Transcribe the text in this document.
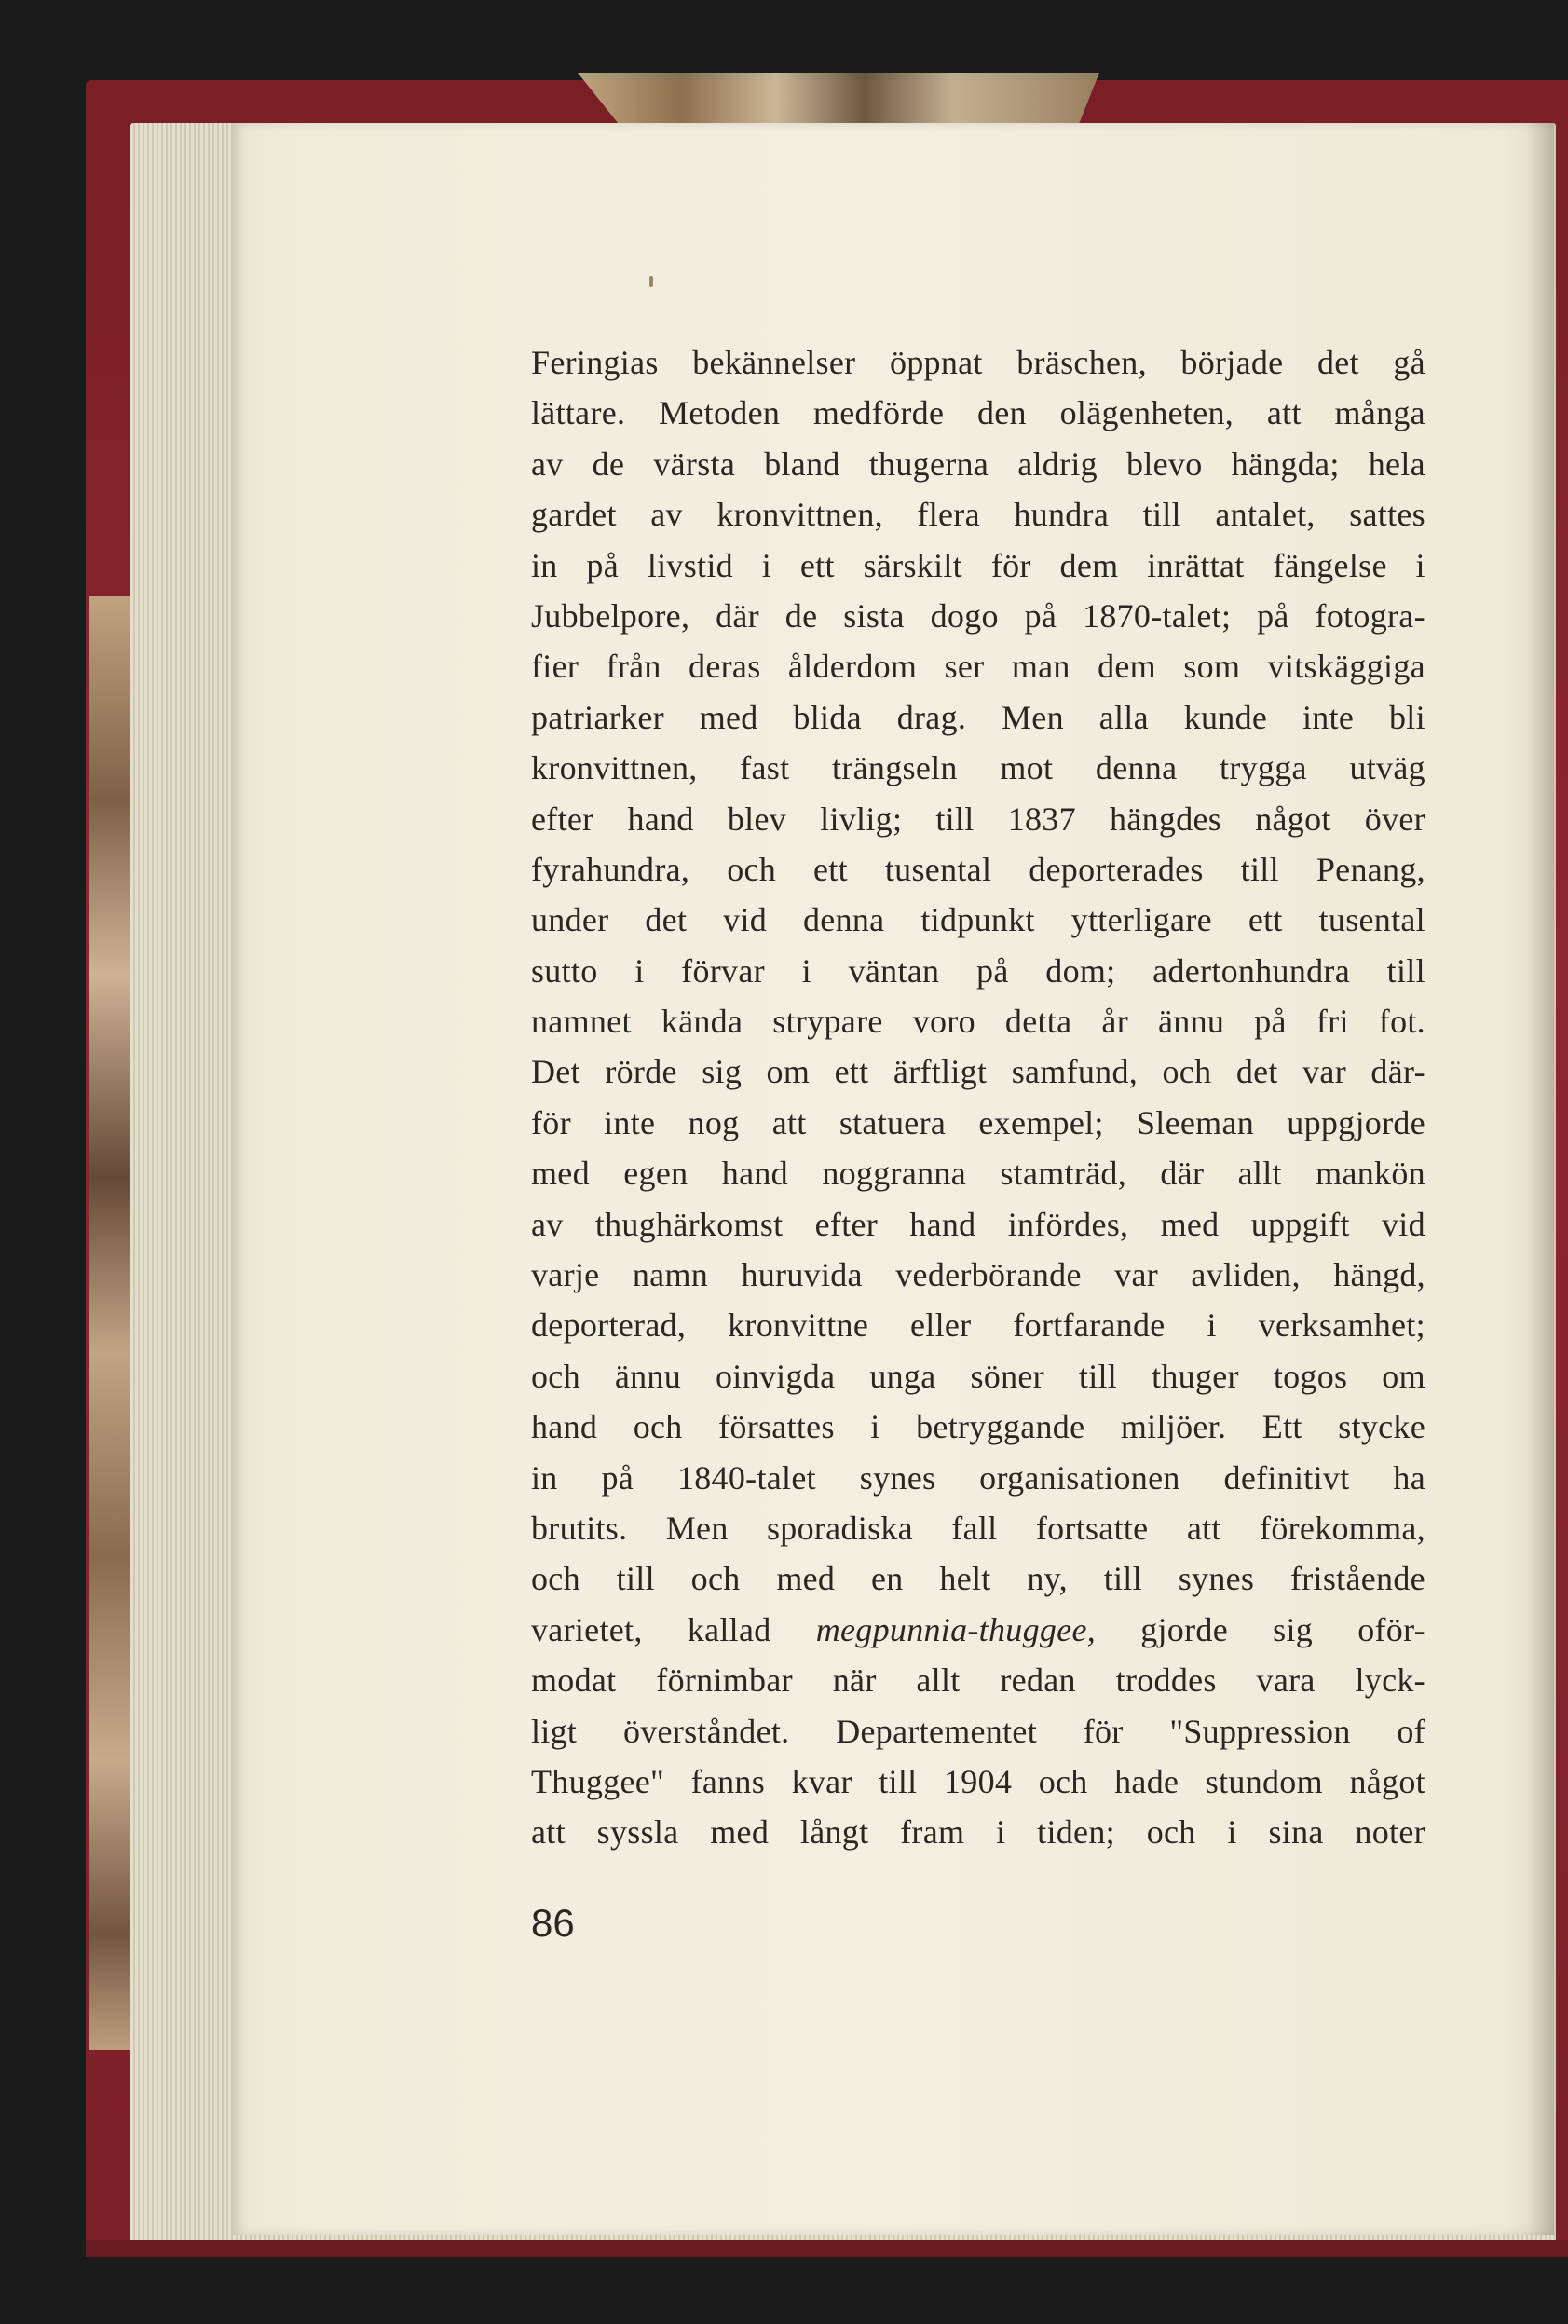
Feringias bekännelser öppnat bräschen, började det gå
lättare. Metoden medförde den olägenheten, att många
av de värsta bland thugerna aldrig blevo hängda; hela
gardet av kronvittnen, flera hundra till antalet, sattes
in på livstid i ett särskilt för dem inrättat fängelse i
Jubbelpore, där de sista dogo på 1870-talet; på fotogra-
fier från deras ålderdom ser man dem som vitskäggiga
patriarker med blida drag. Men alla kunde inte bli
kronvittnen, fast trängseln mot denna trygga utväg
efter hand blev livlig; till 1837 hängdes något över
fyrahundra, och ett tusental deporterades till Penang,
under det vid denna tidpunkt ytterligare ett tusental
sutto i förvar i väntan på dom; adertonhundra till
namnet kända strypare voro detta år ännu på fri fot.
Det rörde sig om ett ärftligt samfund, och det var där-
för inte nog att statuera exempel; Sleeman uppgjorde
med egen hand noggranna stamträd, där allt mankön
av thughärkomst efter hand infördes, med uppgift vid
varje namn huruvida vederbörande var avliden, hängd,
deporterad, kronvittne eller fortfarande i verksamhet;
och ännu oinvigda unga söner till thuger togos om
hand och försattes i betryggande miljöer. Ett stycke
in på 1840-talet synes organisationen definitivt ha
brutits. Men sporadiska fall fortsatte att förekomma,
och till och med en helt ny, till synes fristående
varietet, kallad megpunnia-thuggee, gjorde sig oför-
modat förnimbar när allt redan troddes vara lyck-
ligt överståndet. Departementet för "Suppression of
Thuggee" fanns kvar till 1904 och hade stundom något
att syssla med långt fram i tiden; och i sina noter
86
